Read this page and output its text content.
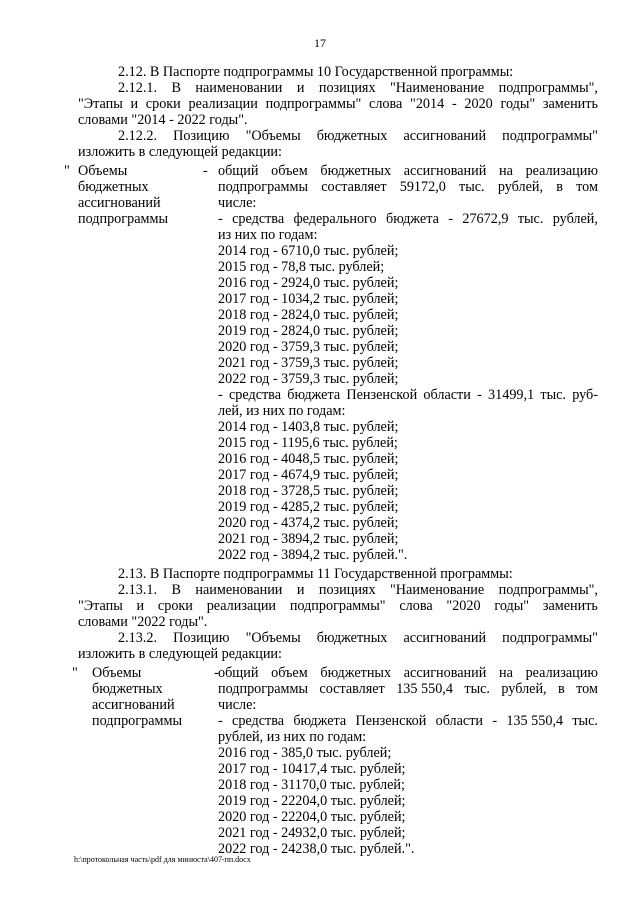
17
2.12. В Паспорте подпрограммы 10 Государственной программы:
2.12.1. В наименовании и позициях "Наименование подпрограммы",
"Этапы и сроки реализации подпрограммы" слова "2014 - 2020 годы" заменить
словами "2014 - 2022 годы".
2.12.2. Позицию "Объемы бюджетных ассигнований подпрограммы"
изложить в следующей редакции:
" Объемы
бюджетных
ассигнований
подпрограммы
- общий объем бюджетных ассигнований на реализацию
подпрограммы составляет 59172,0 тыс. рублей, в том
числе:
- средства федерального бюджета - 27672,9 тыс. рублей,
из них по годам:
2014 год - 6710,0 тыс. рублей;
2015 год - 78,8 тыс. рублей;
2016 год - 2924,0 тыс. рублей;
2017 год - 1034,2 тыс. рублей;
2018 год - 2824,0 тыс. рублей;
2019 год - 2824,0 тыс. рублей;
2020 год - 3759,3 тыс. рублей;
2021 год - 3759,3 тыс. рублей;
2022 год - 3759,3 тыс. рублей;
- средства бюджета Пензенской области - 31499,1 тыс. руб-
лей, из них по годам:
2014 год - 1403,8 тыс. рублей;
2015 год - 1195,6 тыс. рублей;
2016 год - 4048,5 тыс. рублей;
2017 год - 4674,9 тыс. рублей;
2018 год - 3728,5 тыс. рублей;
2019 год - 4285,2 тыс. рублей;
2020 год - 4374,2 тыс. рублей;
2021 год - 3894,2 тыс. рублей;
2022 год - 3894,2 тыс. рублей.".
2.13. В Паспорте подпрограммы 11 Государственной программы:
2.13.1. В наименовании и позициях "Наименование подпрограммы",
"Этапы и сроки реализации подпрограммы" слова "2020 годы" заменить
словами "2022 годы".
2.13.2. Позицию "Объемы бюджетных ассигнований подпрограммы"
изложить в следующей редакции:
" Объемы
бюджетных
ассигнований
подпрограммы
- общий объем бюджетных ассигнований на реализацию
подпрограммы составляет 135 550,4 тыс. рублей, в том
числе:
- средства бюджета Пензенской области - 135 550,4 тыс.
рублей, из них по годам:
2016 год - 385,0 тыс. рублей;
2017 год - 10417,4 тыс. рублей;
2018 год - 31170,0 тыс. рублей;
2019 год - 22204,0 тыс. рублей;
2020 год - 22204,0 тыс. рублей;
2021 год - 24932,0 тыс. рублей;
2022 год - 24238,0 тыс. рублей.".
h:\протокольная часть\pdf для минюста\407-пп.docx
